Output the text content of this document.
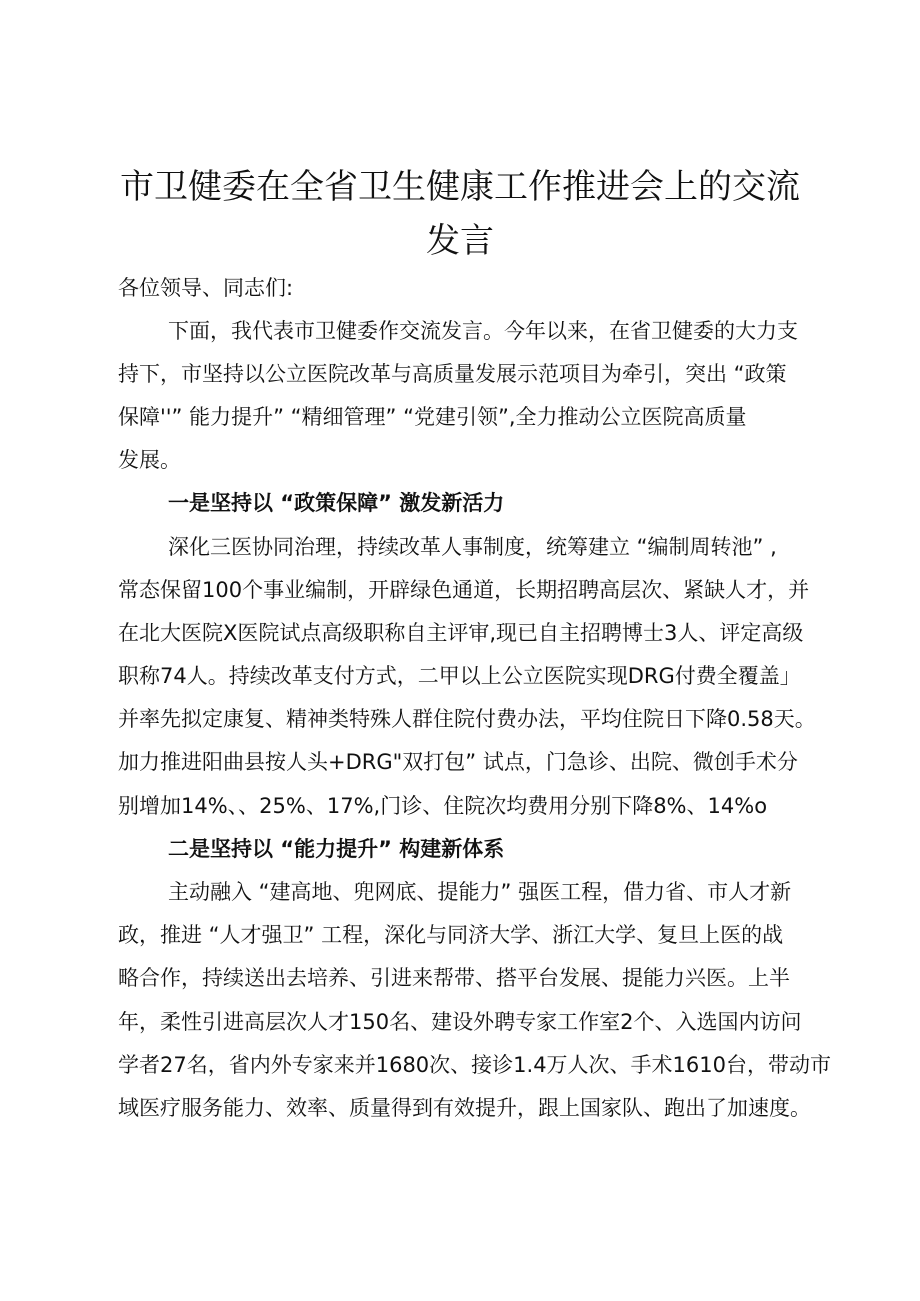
市卫健委在全省卫生健康工作推进会上的交流
发言

各位领导、同志们:

下面，我代表市卫健委作交流发言。今年以来，在省卫健委的大力支

持下，市坚持以公立医院改革与高质量发展示范项目为牵引，突出 “政策

保障''” 能力提升” “精细管理” “党建引领”,全力推动公立医院高质量

发展。

一是坚持以 “政策保障” 激发新活力

深化三医协同治理，持续改革人事制度，统筹建立 “编制周转池” ,

常态保留100个事业编制，开辟绿色通道，长期招聘高层次、紧缺人才，并

在北大医院X医院试点高级职称自主评审,现已自主招聘博士3人、评定高级

职称74人。持续改革支付方式，二甲以上公立医院实现DRG付费全覆盖」

并率先拟定康复、精神类特殊人群住院付费办法，平均住院日下降0.58天。

加力推进阳曲县按人头+DRG"双打包” 试点，门急诊、出院、微创手术分

别增加14%、、25%、17%,门诊、住院次均费用分别下降8%、14%o

二是坚持以 “能力提升” 构建新体系

主动融入 “建高地、兜网底、提能力” 强医工程，借力省、市人才新

政，推进 “人才强卫” 工程，深化与同济大学、浙江大学、复旦上医的战

略合作，持续送出去培养、引进来帮带、搭平台发展、提能力兴医。上半

年，柔性引进高层次人才150名、建设外聘专家工作室2个、入选国内访问

学者27名，省内外专家来并1680次、接诊1.4万人次、手术1610台，带动市

域医疗服务能力、效率、质量得到有效提升，跟上国家队、跑出了加速度。
